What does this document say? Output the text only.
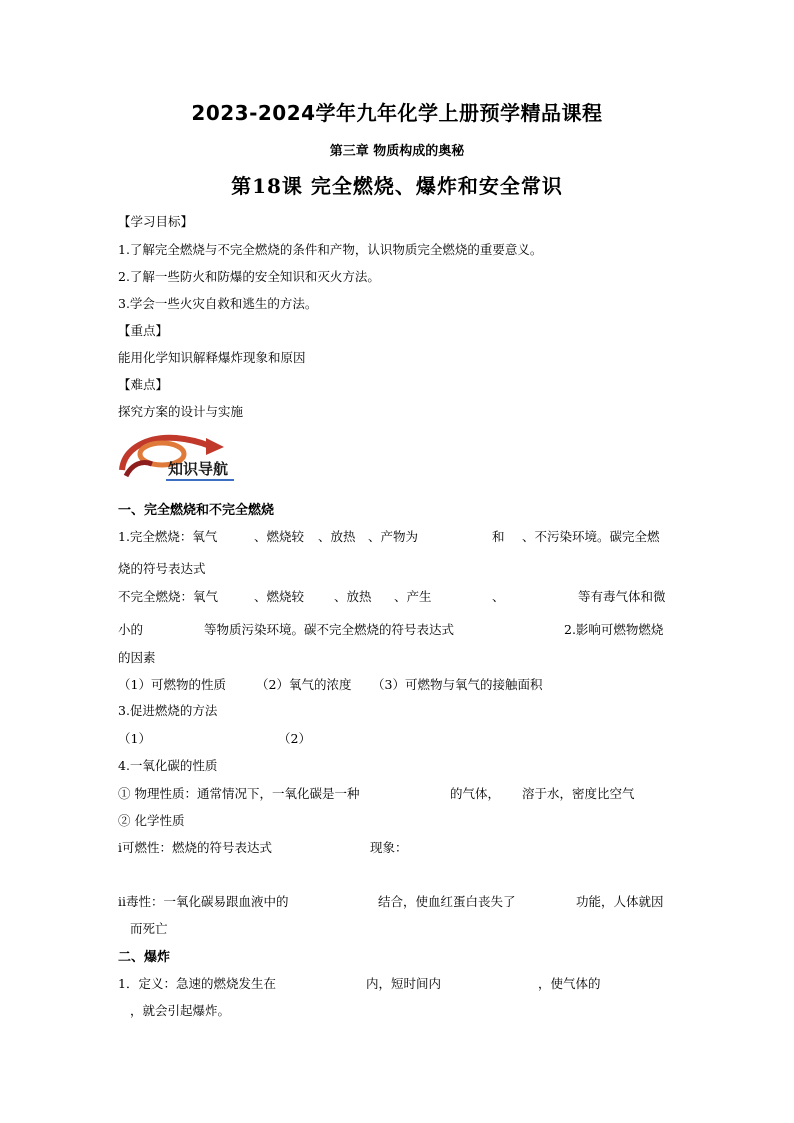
2023-2024学年九年化学上册预学精品课程
第三章 物质构成的奥秘
第18课 完全燃烧、爆炸和安全常识
【学习目标】
1.了解完全燃烧与不完全燃烧的条件和产物，认识物质完全燃烧的重要意义。
2.了解一些防火和防爆的安全知识和灭火方法。
3.学会一些火灾自救和逃生的方法。
【重点】
能用化学知识解释爆炸现象和原因
【难点】
探究方案的设计与实施
知识导航
一、完全燃烧和不完全燃烧
1.完全燃烧：氧气	、燃烧较 、放热 、产物为	和 、不污染环境。碳完全燃
烧的符号表达式
不完全燃烧：氧气	、燃烧较 、放热 、产生	、	等有毒气体和微
小的	等物质污染环境。碳不完全燃烧的符号表达式	2.影响可燃物燃烧
的因素
（1）可燃物的性质 （2）氧气的浓度 （3）可燃物与氧气的接触面积
3.促进燃烧的方法
（1）	（2）
4.一氧化碳的性质
① 物理性质：通常情况下，一氧化碳是一种	的气体， 溶于水，密度比空气
② 化学性质
ⅰ可燃性：燃烧的符号表达式	现象：
ⅱ毒性：一氧化碳易跟血液中的	结合，使血红蛋白丧失了	功能，人体就因
而死亡
二、爆炸
1．定义：急速的燃烧发生在	内，短时间内	，使气体的
，就会引起爆炸。
